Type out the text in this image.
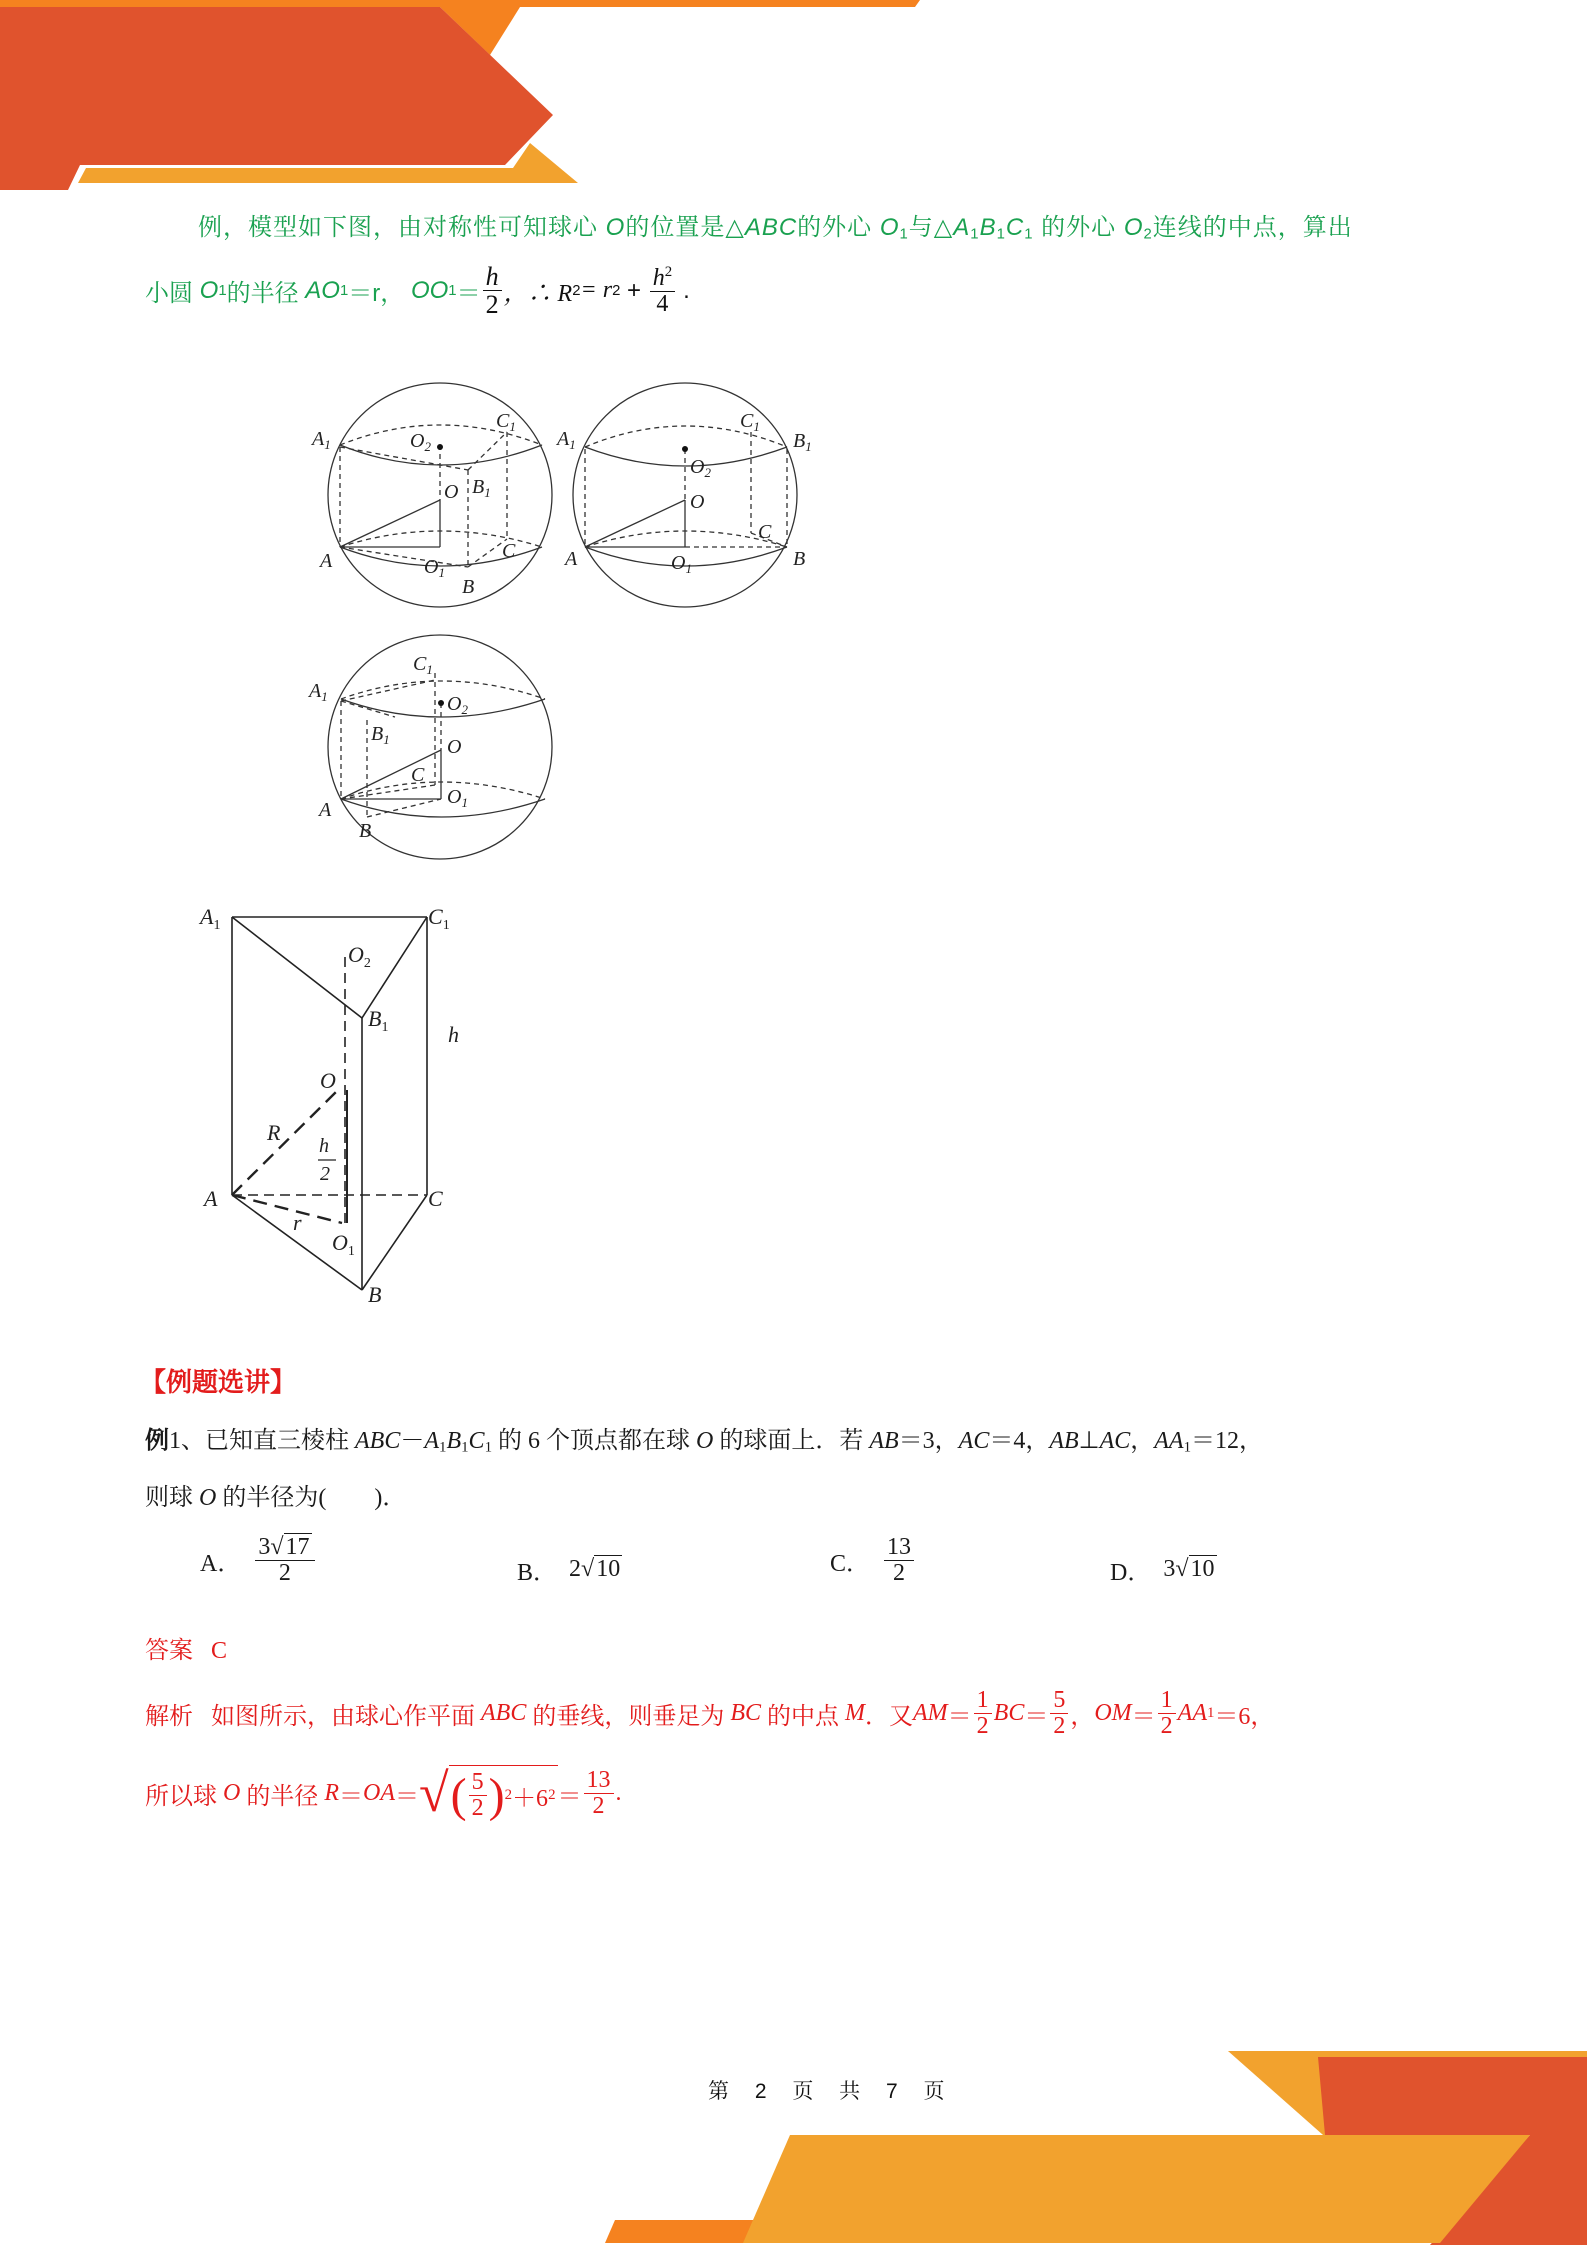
例，模型如下图，由对称性可知球心 O的位置是△ABC的外心 $O_1$与$\triangle A_1B_1C_1$ 的外心 $O_2$连线的中点，算出
小圆
O 1 的半径
AO 1 ＝r，
OO $1 = \frac{h}{2}$ ，∴ R 2 = r $2 + \frac{h^2}{4}$ .
$A_1$	$O_2$
$C_1$
$B_1$
O
A	$O_1$
C
B
$A_1$
$C_1$
$B_1$
$O_2$
O
C
A	$O_1$	B
$C_1$
$A_1$	$O_2$
$B_1$	O
C
A
$O_1$
B
$A_1$	$C_1$
$O_2$
$B_1$	h
O
R
h
2
A	C
r
$O_1$
B
【例题选讲】
例1、已知直三棱柱 $ABC-A_1B_1C_1$ 的 6 个顶点都在球 O 的球面上．若 AB＝3，AC＝4，AB⊥AC，$AA_1=12$，
则球 O 的半径为(　　)．
A． $\frac{3√17}{2}$	B． 2√10	C． $\frac{13}{2}$	D． 3√10
答案 C
解析
如图所示，由球心作平面
ABC
的垂线，则垂足为
BC
的中点
M ．又 AM ＝ $\frac{1}{2}$ BC ＝ $\frac{5}{2}$ ， OM ＝ $\frac{1}{2}$ AA 1 ＝6，
所以球
O
的半径
R ＝ OA ＝ √ ( $\frac{5}{2}$ ) 2 ＋6 $2 = \frac{13}{2}$ .
第 2 页 共 7 页
